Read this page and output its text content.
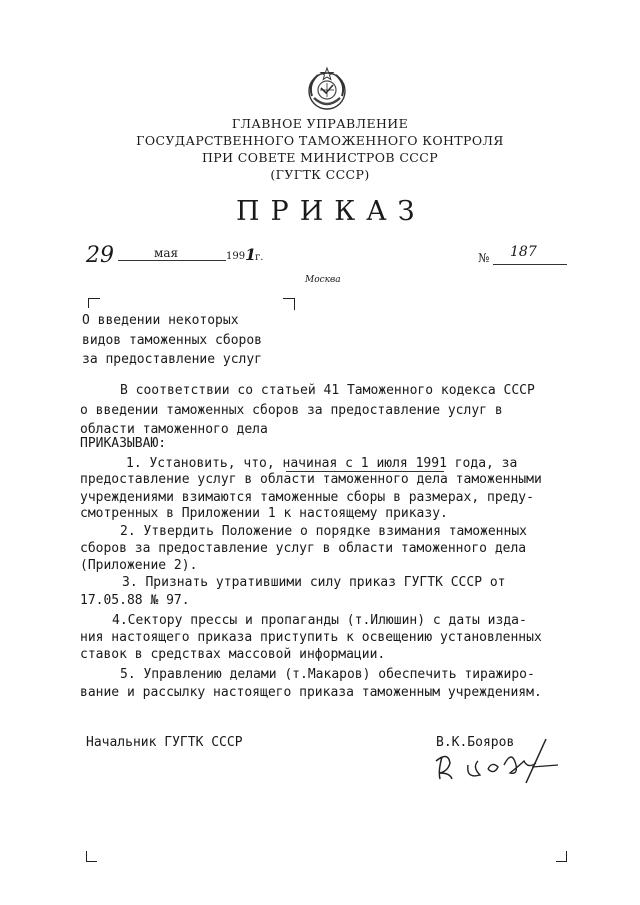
ГЛАВНОЕ УПРАВЛЕНИЕ
ГОСУДАРСТВЕННОГО ТАМОЖЕННОГО КОНТРОЛЯ
ПРИ СОВЕТЕ МИНИСТРОВ СССР
(ГУГТК СССР)
ПРИКАЗ
29	мая	199 1
г.	№ 187
Москва
О введении некоторых
видов таможенных сборов
за предоставление услуг
В соответствии со статьей 41 Таможенного кодекса СССР
о введении таможенных сборов за предоставление услуг в
области таможенного дела
ПРИКАЗЫВАЮ:
1. Установить, что, начиная с 1 июля 1991 года, за
предоставление услуг в области таможенного дела таможенными
учреждениями взимаются таможенные сборы в размерах, преду-
смотренных в Приложении 1 к настоящему приказу.
2. Утвердить Положение о порядке взимания таможенных
сборов за предоставление услуг в области таможенного дела
(Приложение 2).
3. Признать утратившими силу приказ ГУГТК СССР от
17.05.88 № 97.
4.Сектору прессы и пропаганды (т.Илюшин) с даты изда-
ния настоящего приказа приступить к освещению установленных
ставок в средствах массовой информации.
5. Управлению делами (т.Макаров) обеспечить тиражиро-
вание и рассылку настоящего приказа таможенным учреждениям.
Начальник ГУГТК СССР	В.К.Бояров
